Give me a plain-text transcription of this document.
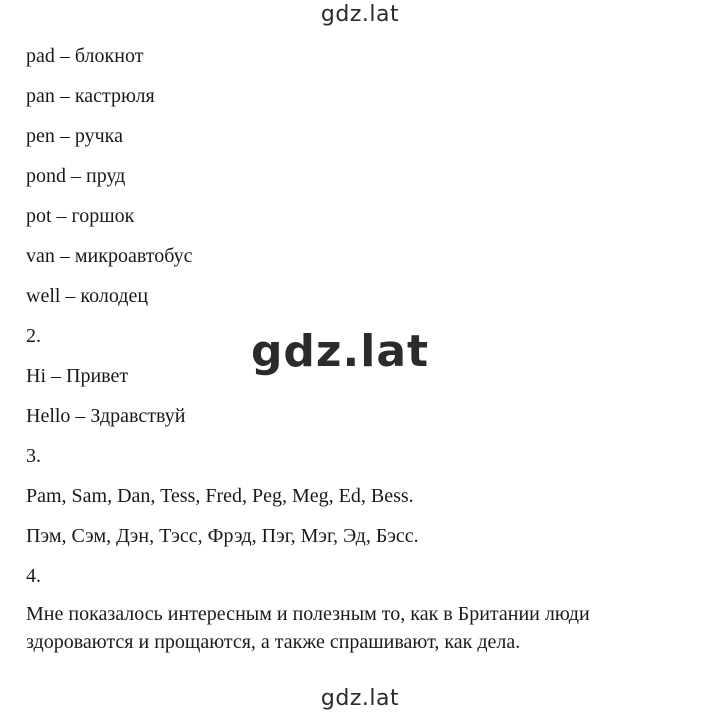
gdz.lat
pad – блокнот
pan – кастрюля
pen – ручка
pond – пруд
pot – горшок
van – микроавтобус
well – колодец
2.
Hi – Привет
Hello – Здравствуй
3.
Pam, Sam, Dan, Tess, Fred, Peg, Meg, Ed, Bess.
Пэм, Сэм, Дэн, Тэсс, Фрэд, Пэг, Мэг, Эд, Бэсс.
4.
Мне показалось интересным и полезным то, как в Британии люди здороваются и прощаются, а также спрашивают, как дела.
gdz.lat
gdz.lat
